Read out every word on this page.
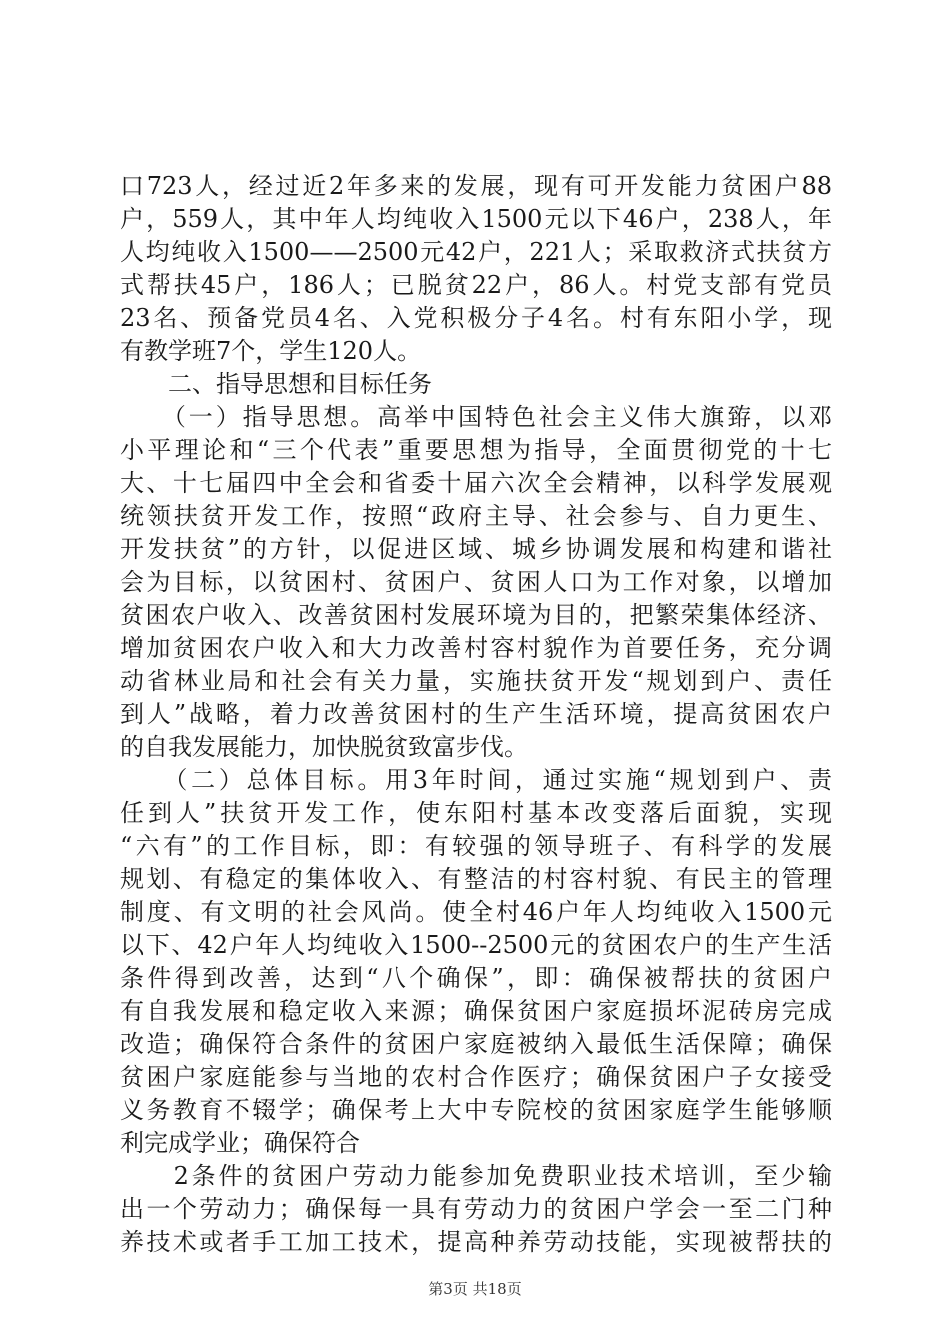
口723人，经过近2年多来的发展，现有可开发能力贫困户88
户，559人，其中年人均纯收入1500元以下46户，238人，年
人均纯收入1500——2500元42户，221人；采取救济式扶贫方
式帮扶45户，186人；已脱贫22户，86人。村党支部有党员
23名、预备党员4名、入党积极分子4名。村有东阳小学，现
有教学班7个，学生120人。
　　二、指导思想和目标任务
　　（一）指导思想。高举中国特色社会主义伟大旗臶，以邓
小平理论和“三个代表”重要思想为指导，全面贯彻党的十七
大、十七届四中全会和省委十届六次全会精神，以科学发展观
统领扶贫开发工作，按照“政府主导、社会参与、自力更生、
开发扶贫”的方针，以促进区域、城乡协调发展和构建和谐社
会为目标，以贫困村、贫困户、贫困人口为工作对象，以增加
贫困农户收入、改善贫困村发展环境为目的，把繁荣集体经济、
增加贫困农户收入和大力改善村容村貌作为首要任务，充分调
动省林业局和社会有关力量，实施扶贫开发“规划到户、责任
到人”战略，着力改善贫困村的生产生活环境，提高贫困农户
的自我发展能力，加快脱贫致富步伐。
　　（二）总体目标。用3年时间，通过实施“规划到户、责
任到人”扶贫开发工作，使东阳村基本改变落后面貌，实现
“六有”的工作目标，即：有较强的领导班子、有科学的发展
规划、有稳定的集体收入、有整洁的村容村貌、有民主的管理
制度、有文明的社会风尚。使全村46户年人均纯收入1500元
以下、42户年人均纯收入1500--2500元的贫困农户的生产生活
条件得到改善，达到“八个确保”，即：确保被帮扶的贫困户
有自我发展和稳定收入来源；确保贫困户家庭损坏泥砖房完成
改造；确保符合条件的贫困户家庭被纳入最低生活保障；确保
贫困户家庭能参与当地的农村合作医疗；确保贫困户子女接受
义务教育不辍学；确保考上大中专院校的贫困家庭学生能够顺
利完成学业；确保符合
　　2条件的贫困户劳动力能参加免费职业技术培训，至少输
出一个劳动力；确保每一具有劳动力的贫困户学会一至二门种
养技术或者手工加工技术，提高种养劳动技能，实现被帮扶的
第3页 共18页
